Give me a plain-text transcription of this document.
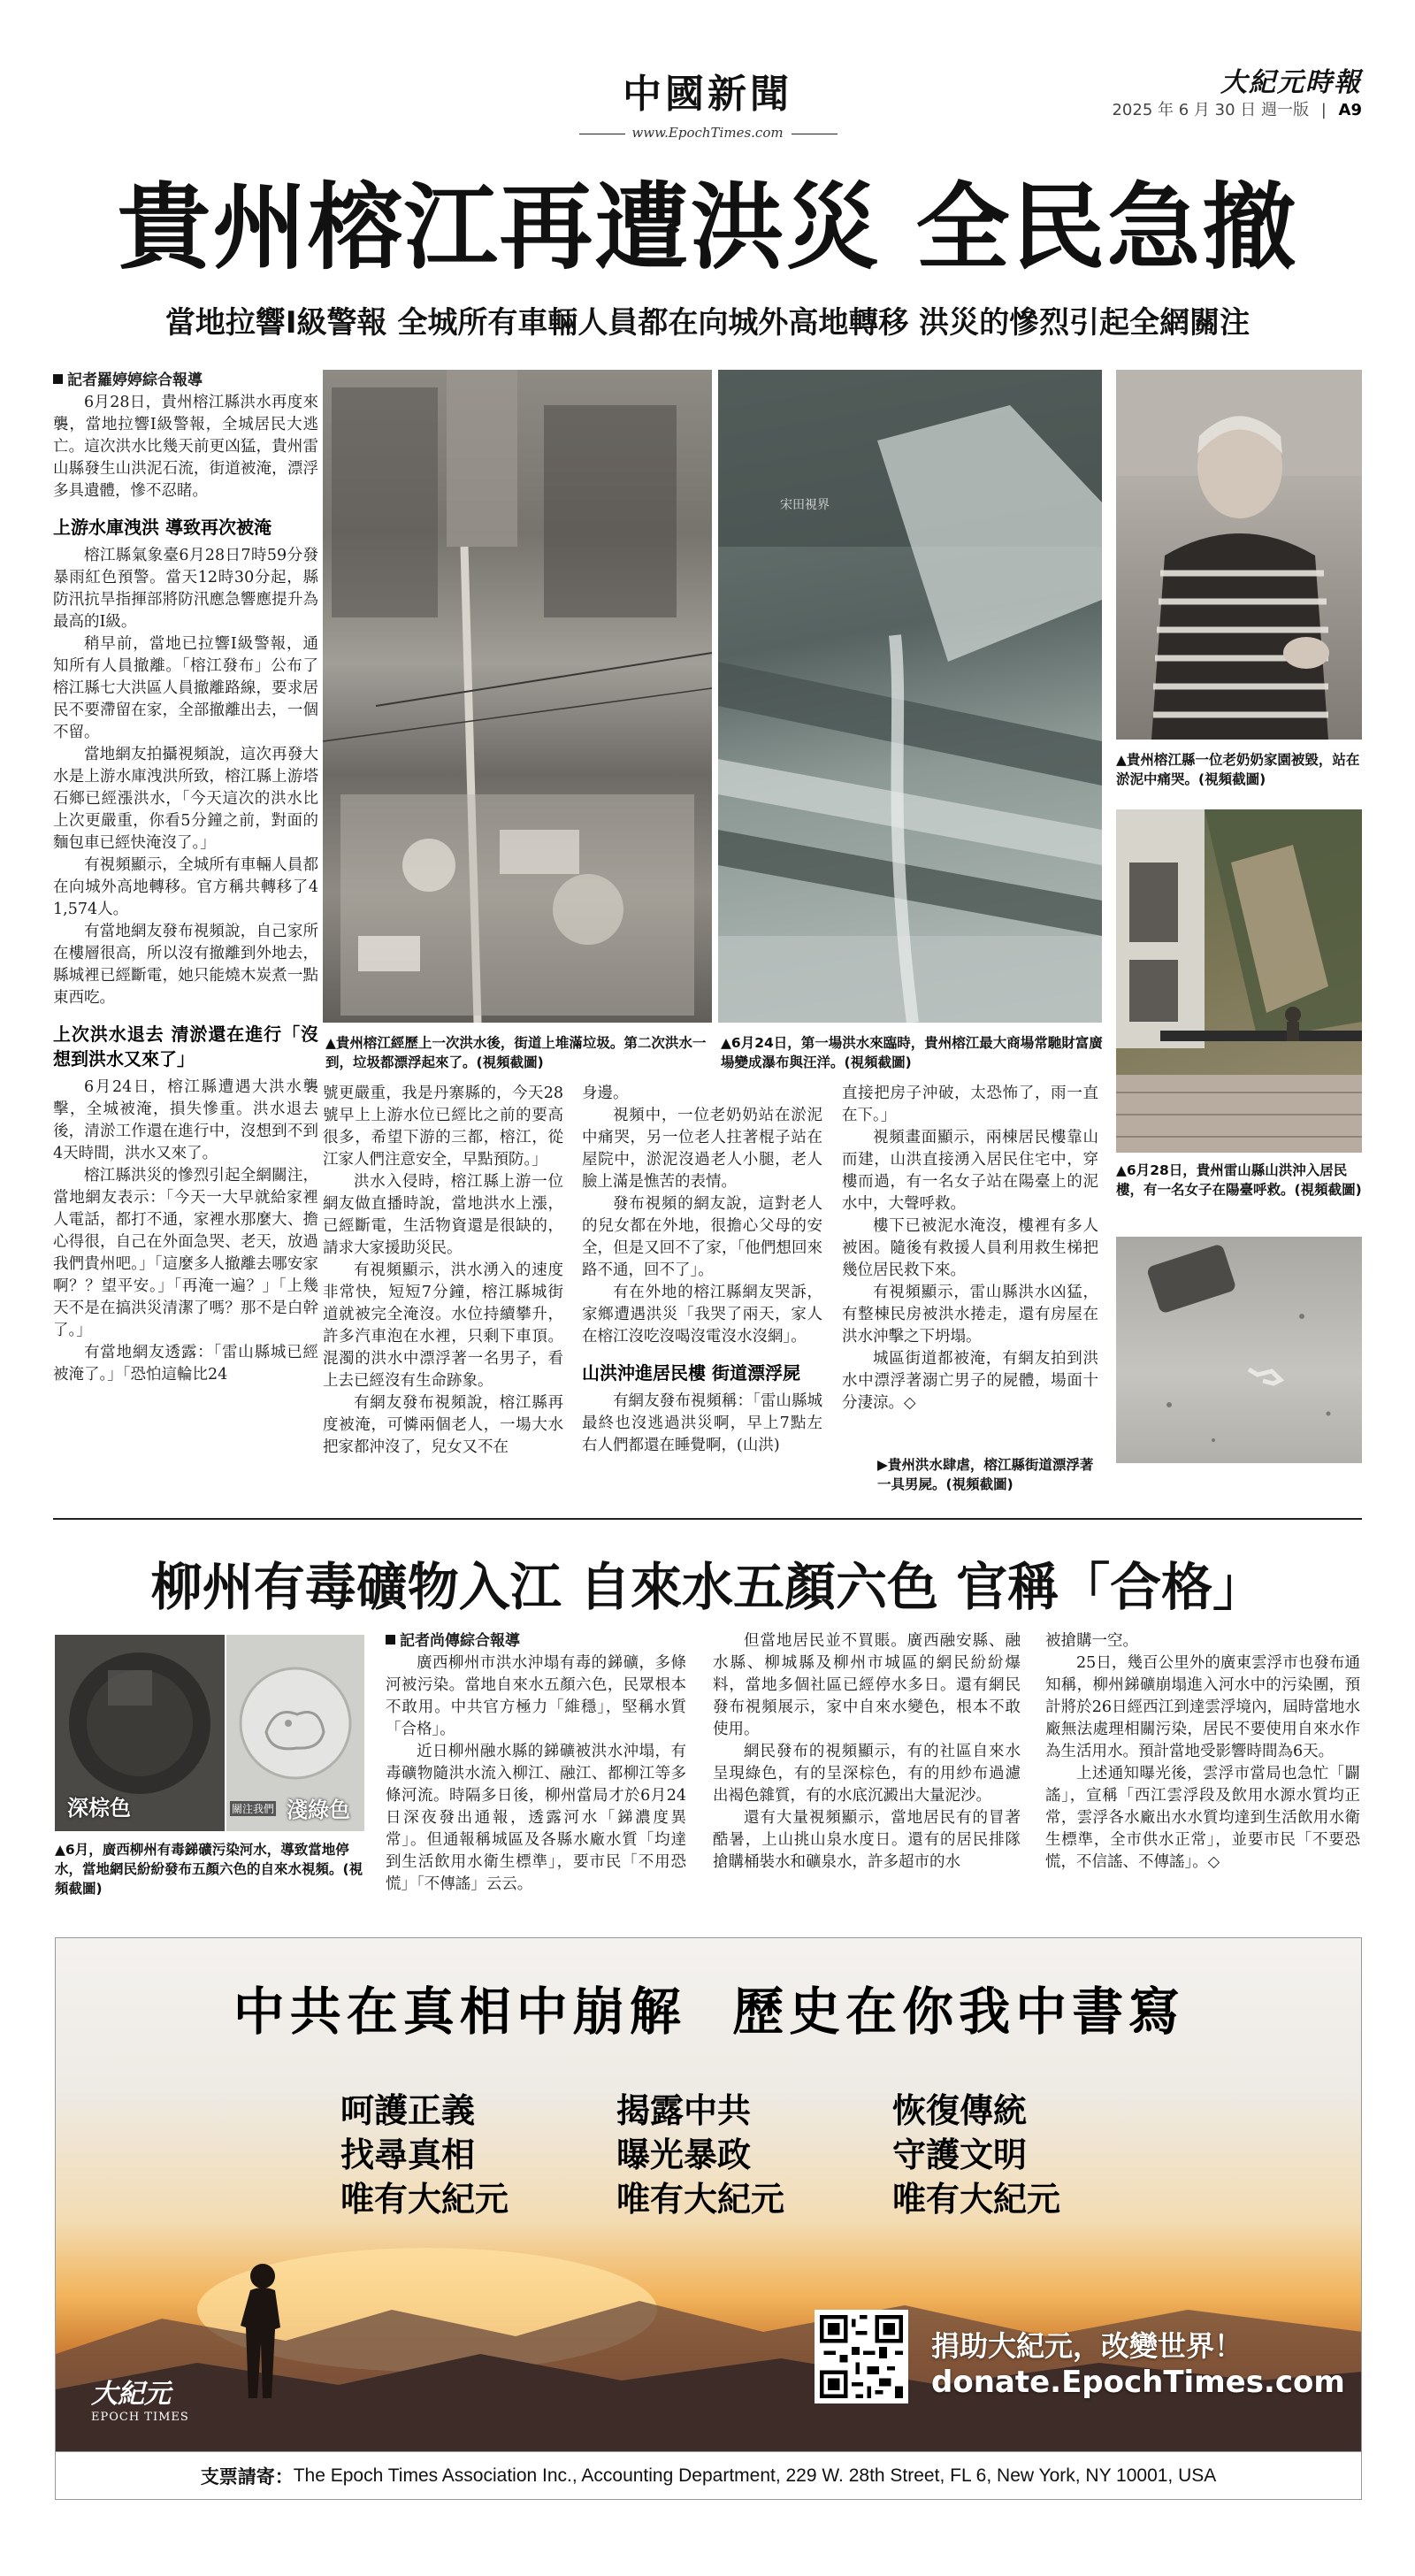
中國新聞
www.EpochTimes.com
大紀元時報
2025 年 6 月 30 日 週一版 | A9
貴州榕江再遭洪災 全民急撤
當地拉響Ⅰ級警報 全城所有車輛人員都在向城外高地轉移 洪災的慘烈引起全網關注
記者羅婷婷綜合報導

6月28日，貴州榕江縣洪水再度來襲，當地拉響Ⅰ級警報，全城居民大逃亡。這次洪水比幾天前更凶猛，貴州雷山縣發生山洪泥石流，街道被淹，漂浮多具遺體，慘不忍睹。

上游水庫洩洪 導致再次被淹

榕江縣氣象臺6月28日7時59分發暴雨紅色預警。當天12時30分起，縣防汛抗旱指揮部將防汛應急響應提升為最高的Ⅰ級。

稍早前，當地已拉響Ⅰ級警報，通知所有人員撤離。「榕江發布」公布了榕江縣七大洪區人員撤離路線，要求居民不要滯留在家，全部撤離出去，一個不留。

當地網友拍攝視頻說，這次再發大水是上游水庫洩洪所致，榕江縣上游塔石鄉已經漲洪水，「今天這次的洪水比上次更嚴重，你看5分鐘之前，對面的麵包車已經快淹沒了。」

有視頻顯示，全城所有車輛人員都在向城外高地轉移。官方稱共轉移了41,574人。

有當地網友發布視頻說，自己家所在樓層很高，所以沒有撤離到外地去，縣城裡已經斷電，她只能燒木炭煮一點東西吃。

上次洪水退去 清淤還在進行「沒想到洪水又來了」

6月24日，榕江縣遭遇大洪水襲擊，全城被淹，損失慘重。洪水退去後，清淤工作還在進行中，沒想到不到4天時間，洪水又來了。

榕江縣洪災的慘烈引起全網關注，當地網友表示：「今天一大早就給家裡人電話，都打不通，家裡水那麼大、擔心得很，自己在外面急哭、老天，放過我們貴州吧。」「這麼多人撤離去哪安家啊？？望平安。」「再淹一遍？」「上幾天不是在搞洪災清潔了嗎？那不是白幹了。」

有當地網友透露：「雷山縣城已經被淹了。」「恐怕這輪比24

宋田視界
▲貴州榕江縣一位老奶奶家園被毀，站在淤泥中痛哭。(視頻截圖)
▲6月28日，貴州雷山縣山洪沖入居民樓，有一名女子在陽臺呼救。(視頻截圖)
▲貴州榕江經歷上一次洪水後，街道上堆滿垃圾。第二次洪水一到，垃圾都漂浮起來了。(視頻截圖)
▲6月24日，第一場洪水來臨時，貴州榕江最大商場常馳財富廣場變成瀑布與汪洋。(視頻截圖)

號更嚴重，我是丹寨縣的，今天28號早上上游水位已經比之前的要高很多，希望下游的三都，榕江，從江家人們注意安全，早點預防。」

洪水入侵時，榕江縣上游一位網友做直播時說，當地洪水上漲，已經斷電，生活物資還是很缺的，請求大家援助災民。

有視頻顯示，洪水湧入的速度非常快，短短7分鐘，榕江縣城街道就被完全淹沒。水位持續攀升，許多汽車泡在水裡，只剩下車頂。混濁的洪水中漂浮著一名男子，看上去已經沒有生命跡象。

有網友發布視頻說，榕江縣再度被淹，可憐兩個老人，一場大水把家都沖沒了，兒女又不在

身邊。

視頻中，一位老奶奶站在淤泥中痛哭，另一位老人拄著棍子站在屋院中，淤泥沒過老人小腿，老人臉上滿是憔苦的表情。

發布視頻的網友說，這對老人的兒女都在外地，很擔心父母的安全，但是又回不了家，「他們想回來路不通，回不了」。

有在外地的榕江縣網友哭訴，家鄉遭遇洪災「我哭了兩天，家人在榕江沒吃沒喝沒電沒水沒網」。

山洪沖進居民樓 街道漂浮屍

有網友發布視頻稱：「雷山縣城最終也沒逃過洪災啊，早上7點左右人們都還在睡覺啊，(山洪)

直接把房子沖破，太恐怖了，雨一直在下。」

視頻畫面顯示，兩棟居民樓靠山而建，山洪直接湧入居民住宅中，穿樓而過，有一名女子站在陽臺上的泥水中，大聲呼救。

樓下已被泥水淹沒，樓裡有多人被困。隨後有救援人員利用救生梯把幾位居民救下來。

有視頻顯示，雷山縣洪水凶猛，有整棟民房被洪水捲走，還有房屋在洪水沖擊之下坍塌。

城區街道都被淹，有網友拍到洪水中漂浮著溺亡男子的屍體，場面十分淒涼。◇

▶貴州洪水肆虐，榕江縣街道漂浮著一具男屍。(視頻截圖)
柳州有毒礦物入江 自來水五顏六色 官稱「合格」
深棕色	關注我們 淺綠色
▲6月，廣西柳州有毒銻礦污染河水，導致當地停水，當地網民紛紛發布五顏六色的自來水視頻。(視頻截圖)
記者尚傳綜合報導

廣西柳州市洪水沖塌有毒的銻礦，多條河被污染。當地自來水五顏六色，民眾根本不敢用。中共官方極力「維穩」，堅稱水質「合格」。

近日柳州融水縣的銻礦被洪水沖塌，有毒礦物隨洪水流入柳江、融江、都柳江等多條河流。時隔多日後，柳州當局才於6月24日深夜發出通報，透露河水「銻濃度異常」。但通報稱城區及各縣水廠水質「均達到生活飲用水衛生標準」，要市民「不用恐慌」「不傳謠」云云。

但當地居民並不買賬。廣西融安縣、融水縣、柳城縣及柳州市城區的網民紛紛爆料，當地多個社區已經停水多日。還有網民發布視頻展示，家中自來水變色，根本不敢使用。

網民發布的視頻顯示，有的社區自來水呈現綠色，有的呈深棕色，有的用紗布過濾出褐色雜質，有的水底沉澱出大量泥沙。

還有大量視頻顯示，當地居民有的冒著酷暑，上山挑山泉水度日。還有的居民排隊搶購桶裝水和礦泉水，許多超市的水

被搶購一空。

25日，幾百公里外的廣東雲浮市也發布通知稱，柳州銻礦崩塌進入河水中的污染團，預計將於26日經西江到達雲浮境內，屆時當地水廠無法處理相關污染，居民不要使用自來水作為生活用水。預計當地受影響時間為6天。

上述通知曝光後，雲浮市當局也急忙「闢謠」，宣稱「西江雲浮段及飲用水源水質均正常，雲浮各水廠出水水質均達到生活飲用水衛生標準，全市供水正常」，並要市民「不要恐慌，不信謠、不傳謠」。◇

中共在真相中崩解  歷史在你我中書寫
呵護正義
找尋真相
唯有大紀元
揭露中共
曝光暴政
唯有大紀元
恢復傳統
守護文明
唯有大紀元
大紀元
EPOCH TIMES
捐助大紀元，改變世界！
donate.EpochTimes.com
支票請寄： The Epoch Times Association Inc., Accounting Department, 229 W. 28th Street, FL 6, New York, NY 10001, USA
